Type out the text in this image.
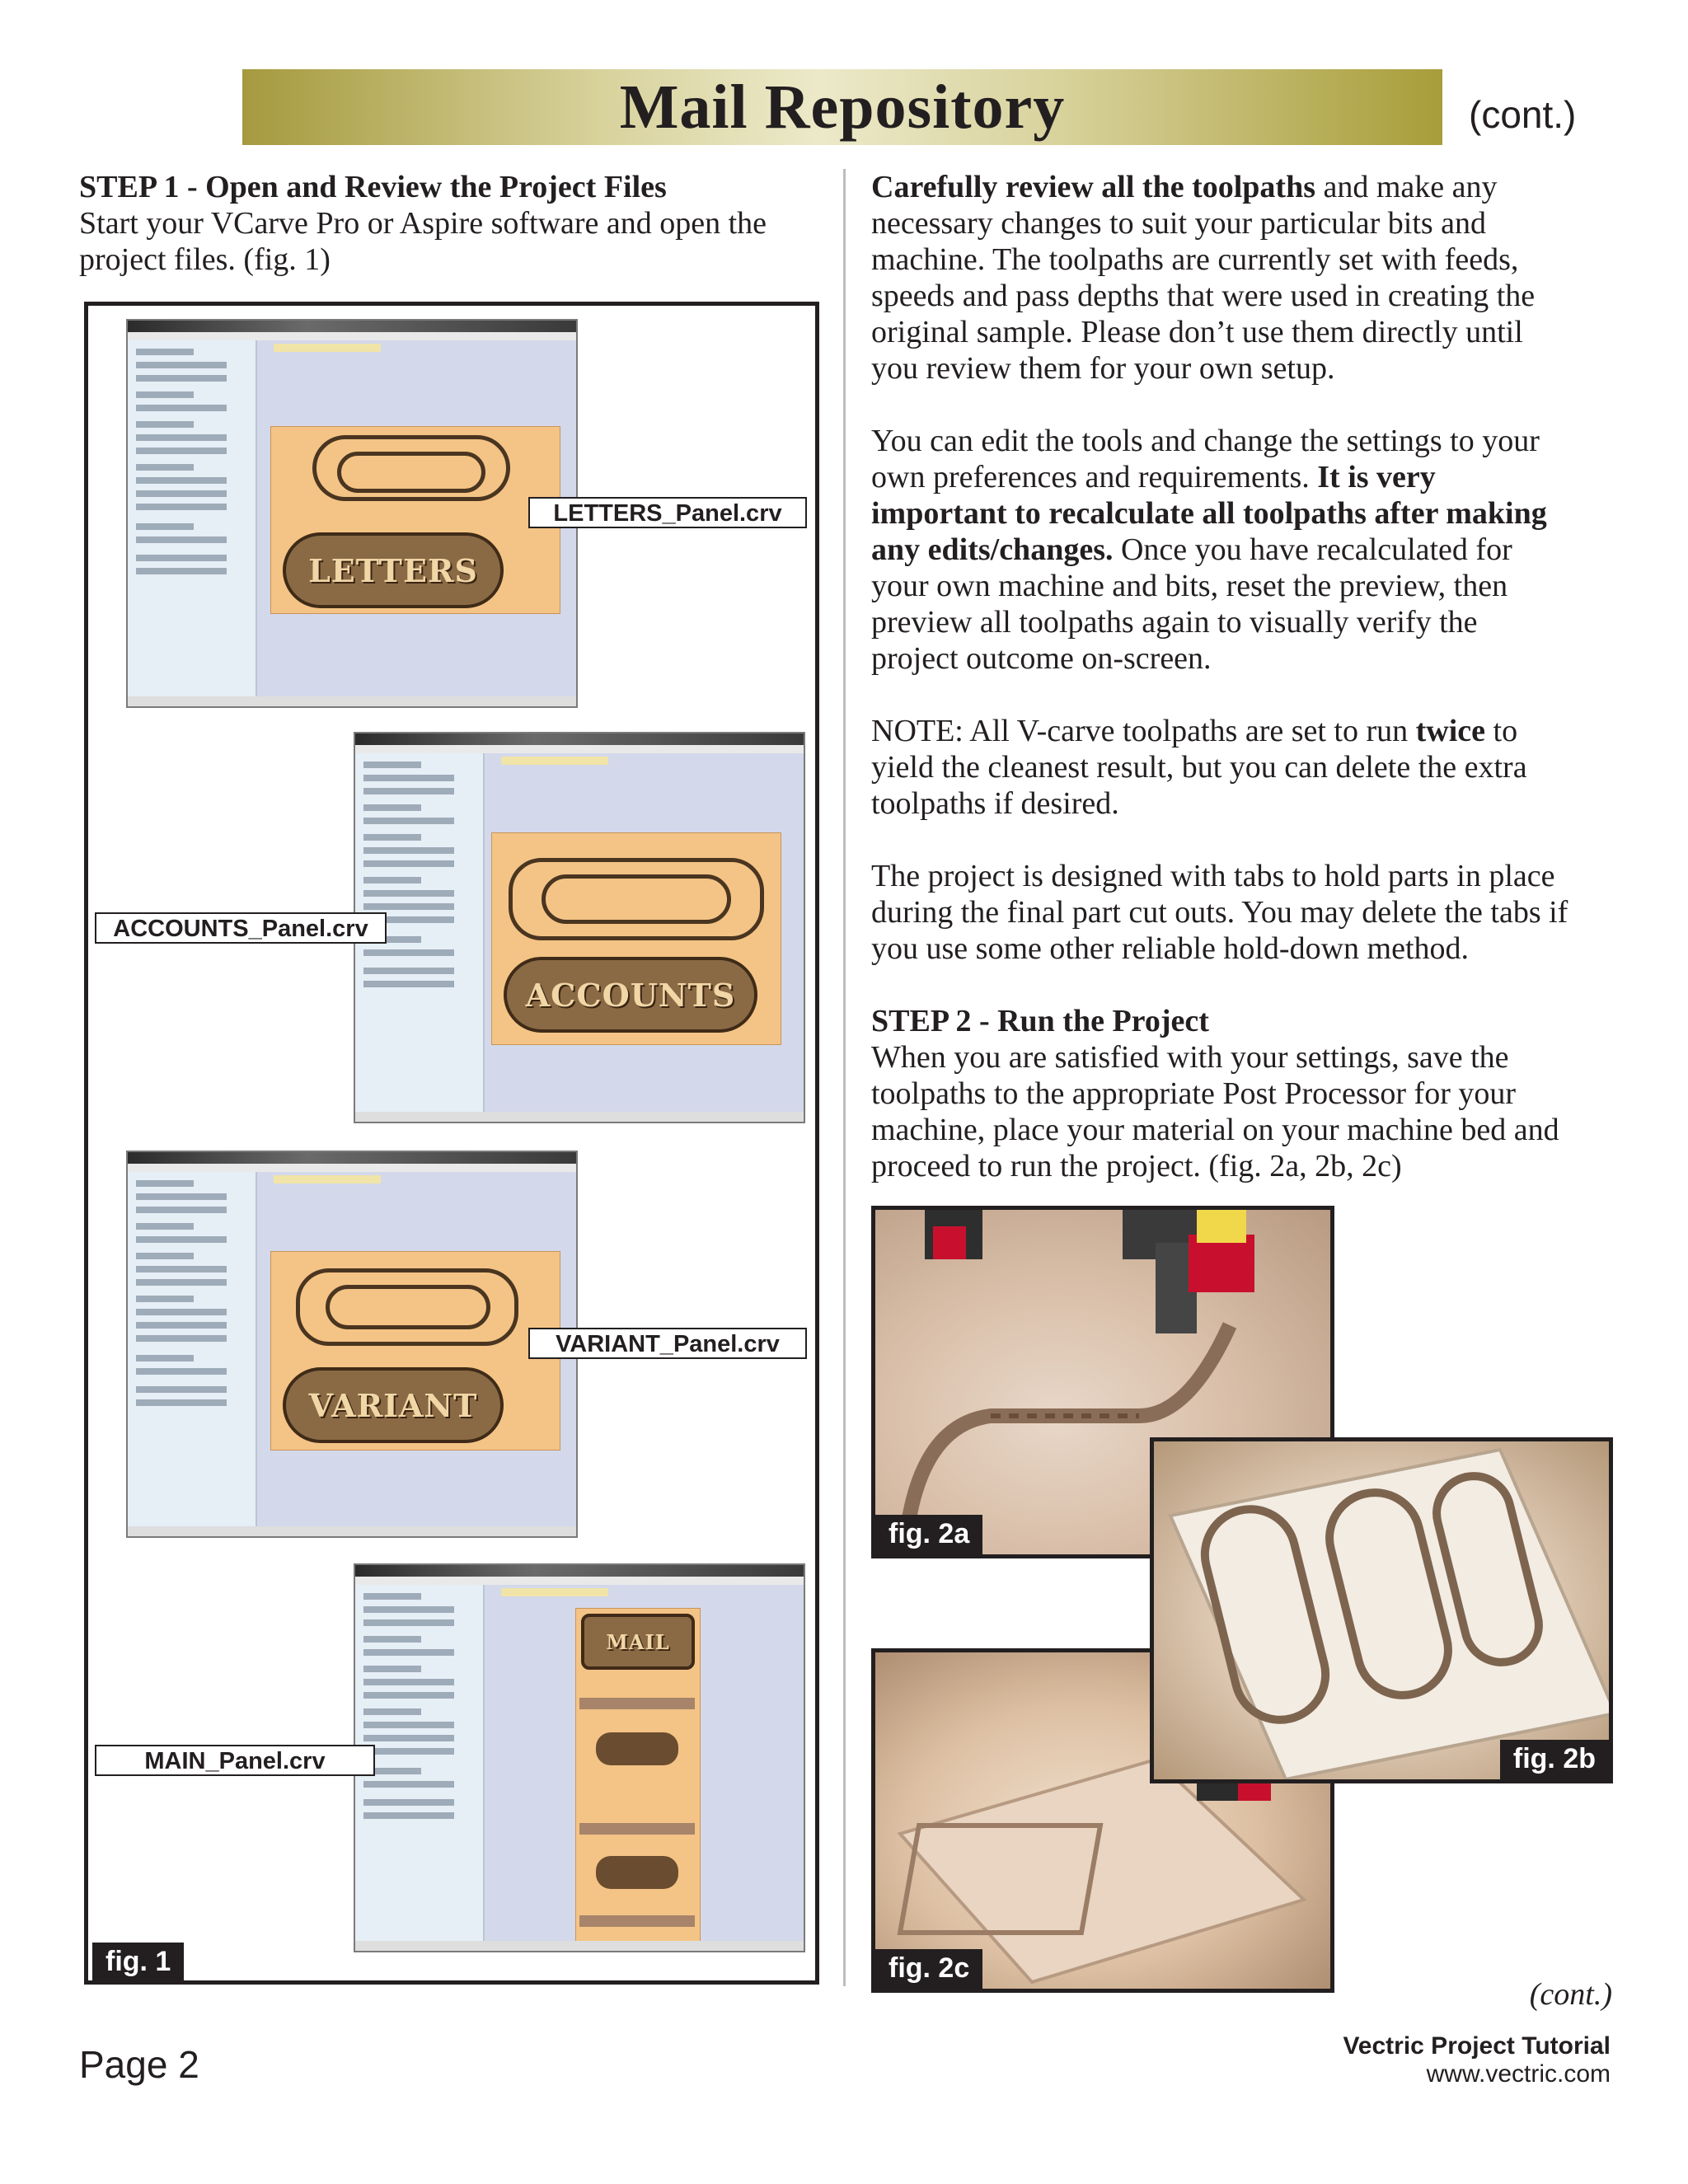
Mail Repository	(cont.)

STEP 1 - Open and Review the Project Files

Start your VCarve Pro or Aspire software and open the

project files. (fig. 1)

LETTERS
LETTERS_Panel.crv
ACCOUNTS
ACCOUNTS_Panel.crv
VARIANT
VARIANT_Panel.crv
MAIL
MAIN_Panel.crv
fig. 1

Carefully review all the toolpaths and make any

necessary changes to suit your particular bits and

machine. The toolpaths are currently set with feeds,

speeds and pass depths that were used in creating the

original sample. Please don’t use them directly until

you review them for your own setup.

You can edit the tools and change the settings to your

own preferences and requirements. It is very

important to recalculate all toolpaths after making

any edits/changes. Once you have recalculated for

your own machine and bits, reset the preview, then

preview all toolpaths again to visually verify the

project outcome on-screen.

NOTE: All V-carve toolpaths are set to run twice to

yield the cleanest result, but you can delete the extra

toolpaths if desired.

The project is designed with tabs to hold parts in place

during the final part cut outs. You may delete the tabs if

you use some other reliable hold-down method.

STEP 2 - Run the Project

When you are satisfied with your settings, save the

toolpaths to the appropriate Post Processor for your

machine, place your material on your machine bed and

proceed to run the project. (fig. 2a, 2b, 2c)

fig. 2a
fig. 2c
fig. 2b
(cont.)
Page 2	Vectric Project Tutorial
www.vectric.com
